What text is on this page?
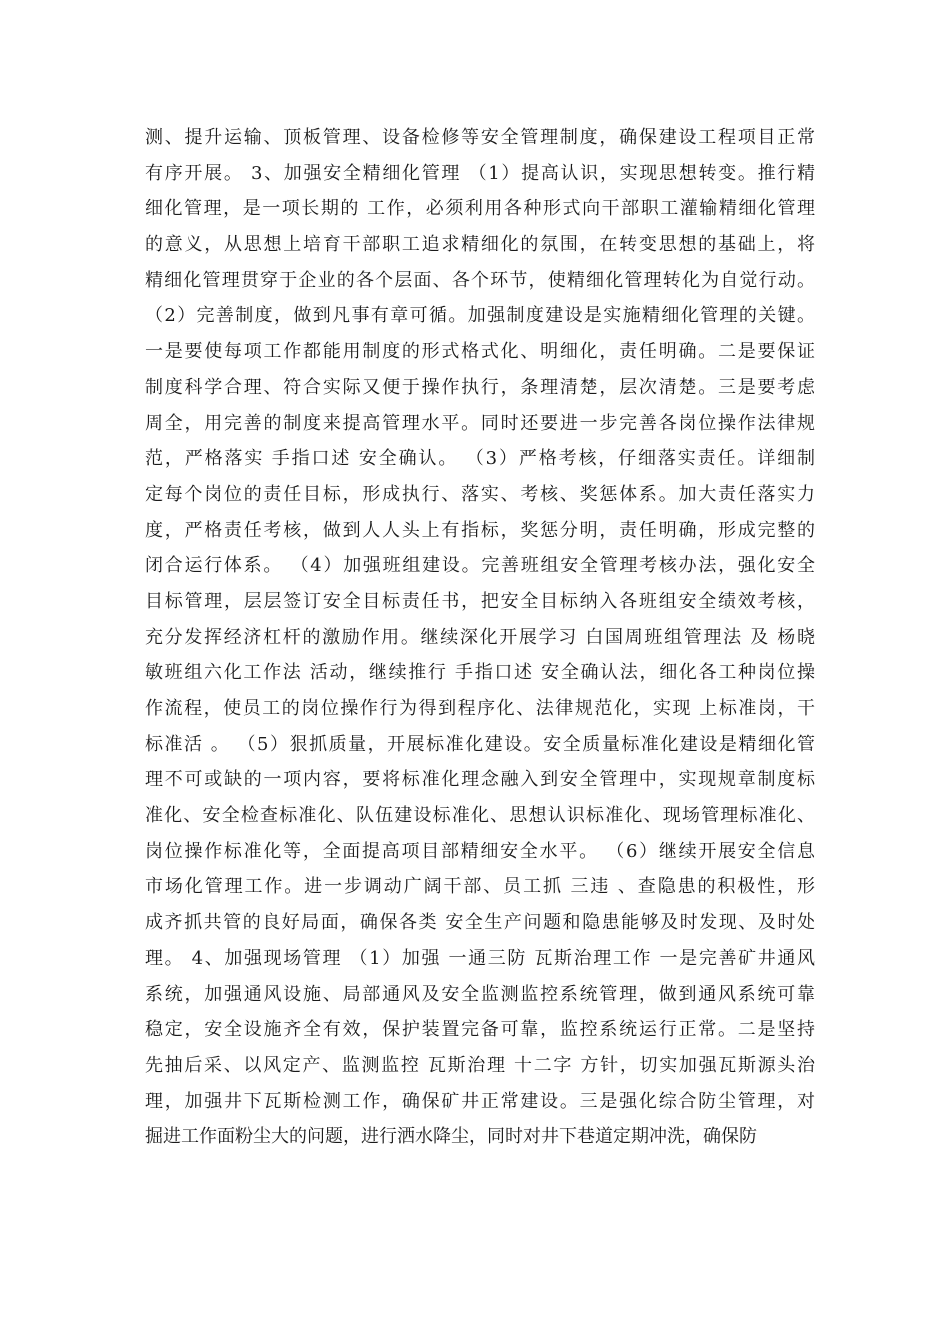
测、提升运输、顶板管理、设备检修等安全管理制度，确保建设工程项目正常
有序开展。 3、加强安全精细化管理 （1）提高认识，实现思想转变。推行精
细化管理，是一项长期的 工作，必须利用各种形式向干部职工灌输精细化管理
的意义，从思想上培育干部职工追求精细化的氛围，在转变思想的基础上，将
精细化管理贯穿于企业的各个层面、各个环节，使精细化管理转化为自觉行动。
（2）完善制度，做到凡事有章可循。加强制度建设是实施精细化管理的关键。
一是要使每项工作都能用制度的形式格式化、明细化，责任明确。二是要保证
制度科学合理、符合实际又便于操作执行，条理清楚，层次清楚。三是要考虑
周全，用完善的制度来提高管理水平。同时还要进一步完善各岗位操作法律规
范，严格落实 手指口述 安全确认。 （3）严格考核，仔细落实责任。详细制
定每个岗位的责任目标，形成执行、落实、考核、奖惩体系。加大责任落实力
度，严格责任考核，做到人人头上有指标，奖惩分明，责任明确，形成完整的
闭合运行体系。 （4）加强班组建设。完善班组安全管理考核办法，强化安全
目标管理，层层签订安全目标责任书，把安全目标纳入各班组安全绩效考核，
充分发挥经济杠杆的激励作用。继续深化开展学习 白国周班组管理法 及 杨晓
敏班组六化工作法 活动，继续推行 手指口述 安全确认法，细化各工种岗位操
作流程，使员工的岗位操作行为得到程序化、法律规范化，实现 上标准岗，干
标准活 。 （5）狠抓质量，开展标准化建设。安全质量标准化建设是精细化管
理不可或缺的一项内容，要将标准化理念融入到安全管理中，实现规章制度标
准化、安全检查标准化、队伍建设标准化、思想认识标准化、现场管理标准化、
岗位操作标准化等，全面提高项目部精细安全水平。 （6）继续开展安全信息
市场化管理工作。进一步调动广阔干部、员工抓 三违 、查隐患的积极性，形
成齐抓共管的良好局面，确保各类 安全生产问题和隐患能够及时发现、及时处
理。 4、加强现场管理 （1）加强 一通三防 瓦斯治理工作 一是完善矿井通风
系统，加强通风设施、局部通风及安全监测监控系统管理，做到通风系统可靠
稳定，安全设施齐全有效，保护装置完备可靠，监控系统运行正常。二是坚持
先抽后采、以风定产、监测监控 瓦斯治理 十二字 方针，切实加强瓦斯源头治
理，加强井下瓦斯检测工作，确保矿井正常建设。三是强化综合防尘管理，对
掘进工作面粉尘大的问题，进行洒水降尘，同时对井下巷道定期冲洗，确保防
